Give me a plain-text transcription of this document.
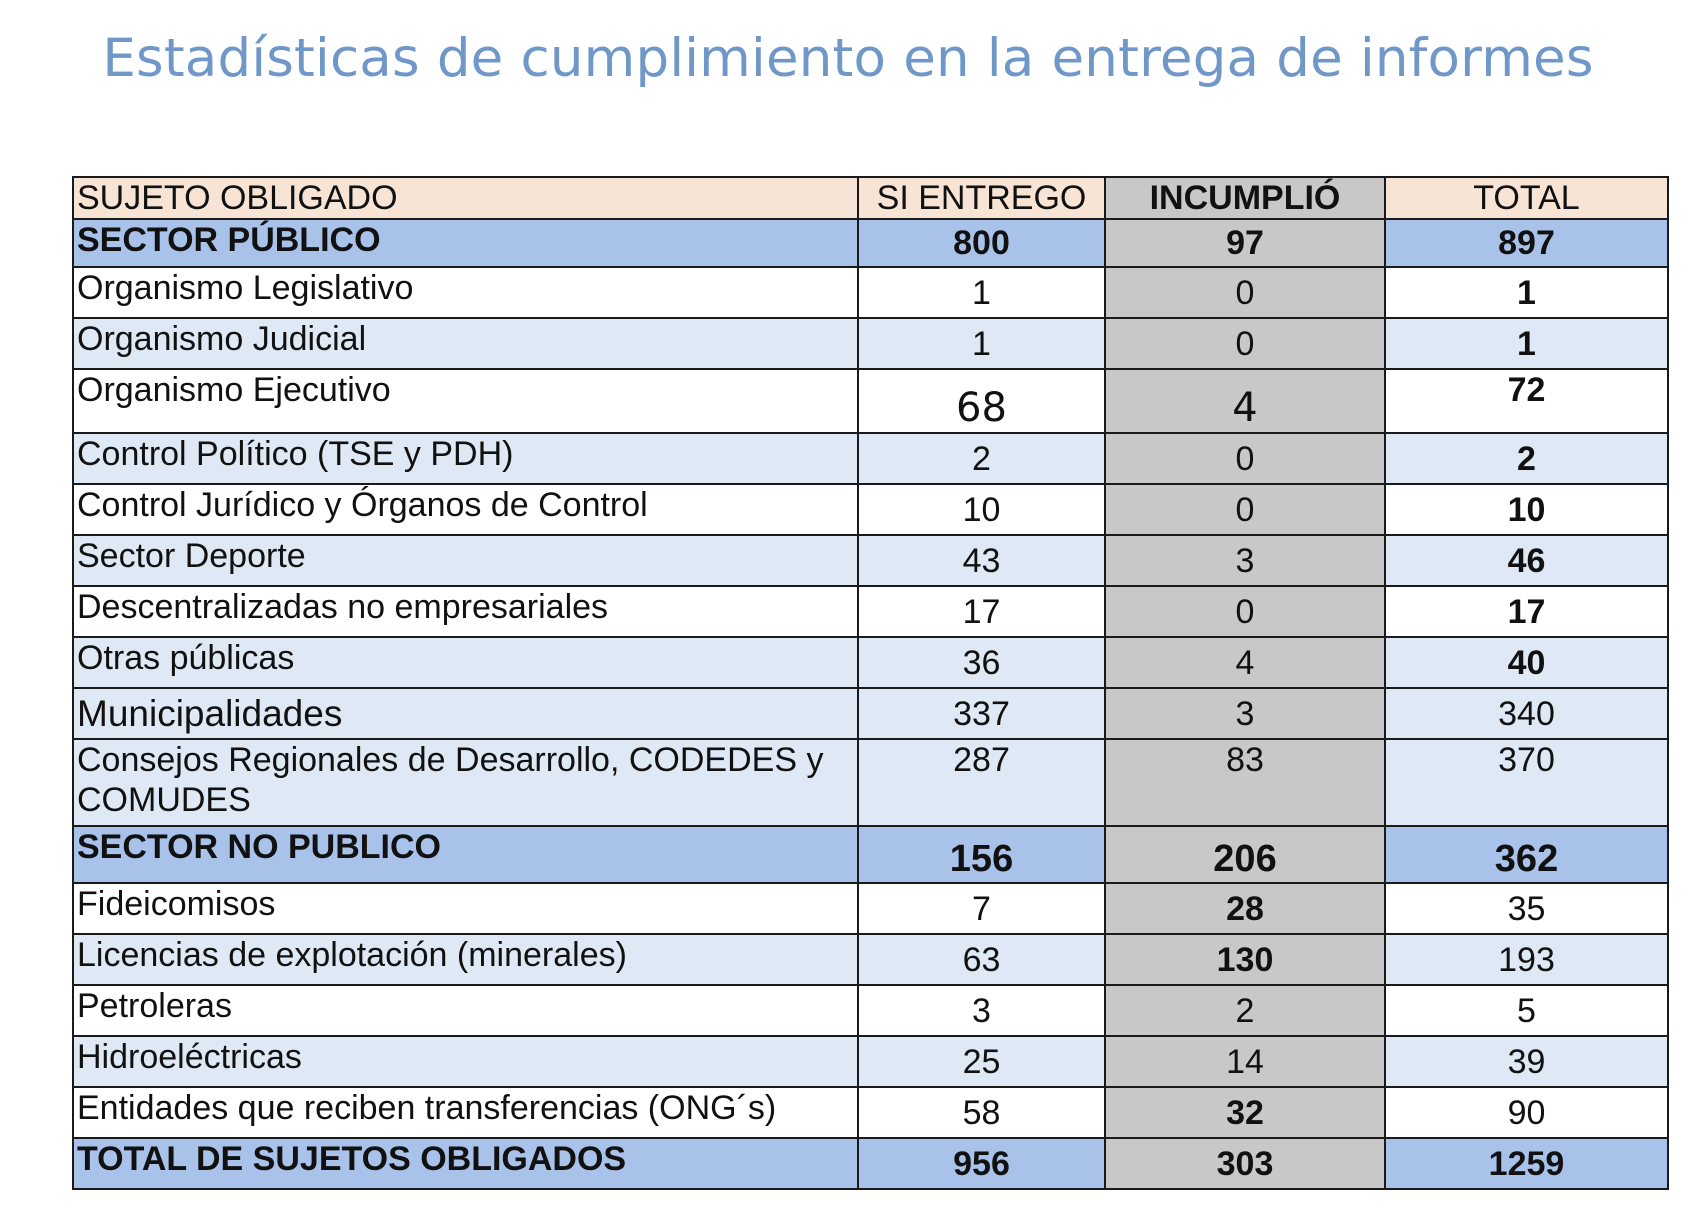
Estadísticas de cumplimiento en la entrega de informes
SUJETO OBLIGADO	SI ENTREGO	INCUMPLIÓ	TOTAL
SECTOR PÚBLICO	800	97	897
Organismo Legislativo	1	0	1
Organismo Judicial	1	0	1
Organismo Ejecutivo	68	4	72
Control Político (TSE y PDH)	2	0	2
Control Jurídico y Órganos de Control	10	0	10
Sector Deporte	43	3	46
Descentralizadas no empresariales	17	0	17
Otras públicas	36	4	40
Municipalidades	337	3	340
Consejos Regionales de Desarrollo, CODEDES y COMUDES	287	83	370
SECTOR NO PUBLICO	156	206	362
Fideicomisos	7	28	35
Licencias de explotación (minerales)	63	130	193
Petroleras	3	2	5
Hidroeléctricas	25	14	39
Entidades que reciben transferencias (ONG´s)	58	32	90
TOTAL DE SUJETOS OBLIGADOS	956	303	1259
